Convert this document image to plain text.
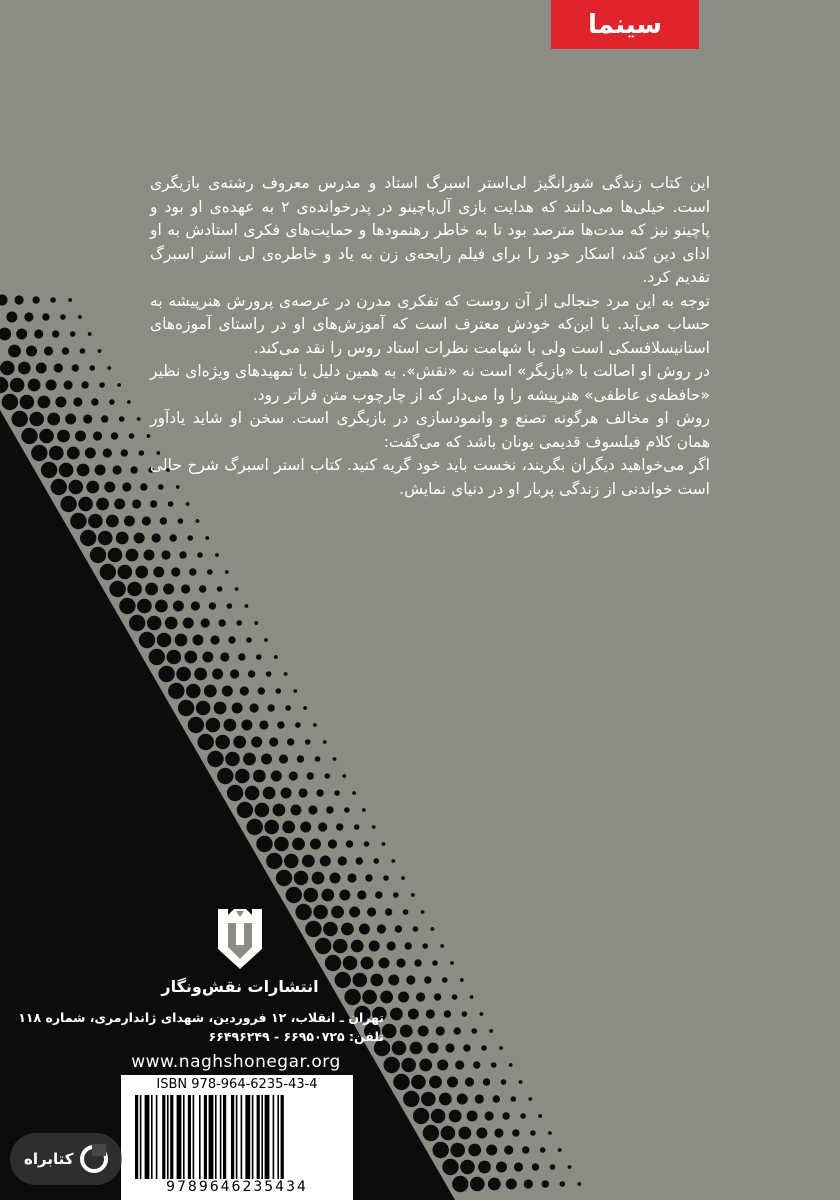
سینما

این کتاب زندگی شورانگیز لی‌استر اسبرگ استاد و مدرس معروف رشته‌ی بازیگری است. خیلی‌ها می‌دانند که هدایت بازی آل‌پاچینو در پدرخوانده‌ی ۲ به عهده‌ی او بود و پاچینو نیز که مدت‌ها مترصد بود تا به خاطر رهنمودها و حمایت‌های فکری استادش به او ادای دین کند، اسکار خود را برای فیلم رایحه‌ی زن به یاد و خاطره‌ی لی استر اسبرگ تقدیم کرد.

توجه به این مرد جنجالی از آن روست که تفکری مدرن در عرصه‌ی پرورش هنرپیشه به حساب می‌آید. با این‌که خودش معترف است که آموزش‌های او در راستای آموزه‌های استانیسلافسکی است ولی با شهامت نظرات استاد روس را نقد می‌کند.

در روش او اصالت با «بازیگر» است نه «نقش». به همین دلیل با تمهیدهای ویژه‌ای نظیر «حافظه‌ی عاطفی» هنرپیشه را وا می‌دار که از چارچوب متن فراتر رود.

روش او مخالف هرگونه تصنع و وانمودسازی در بازیگری است. سخن او شاید یادآور همان کلام فیلسوف قدیمی یونان باشد که می‌گفت:

اگر می‌خواهید دیگران بگریند، نخست باید خود گریه کنید. کتاب استر اسبرگ شرح حالی است خواندنی از زندگی پربار او در دنیای نمایش.

انتشارات نقش‌ونگار
تهران ـ انقلاب، ۱۲ فروردین، شهدای ژاندارمری، شماره ۱۱۸
تلفن: ۶۶۹۵۰۷۲۵ - ۶۶۴۹۶۲۴۹
www.naghshonegar.org
ISBN 978-964-6235-43-4
9789646235434
کتابراه
